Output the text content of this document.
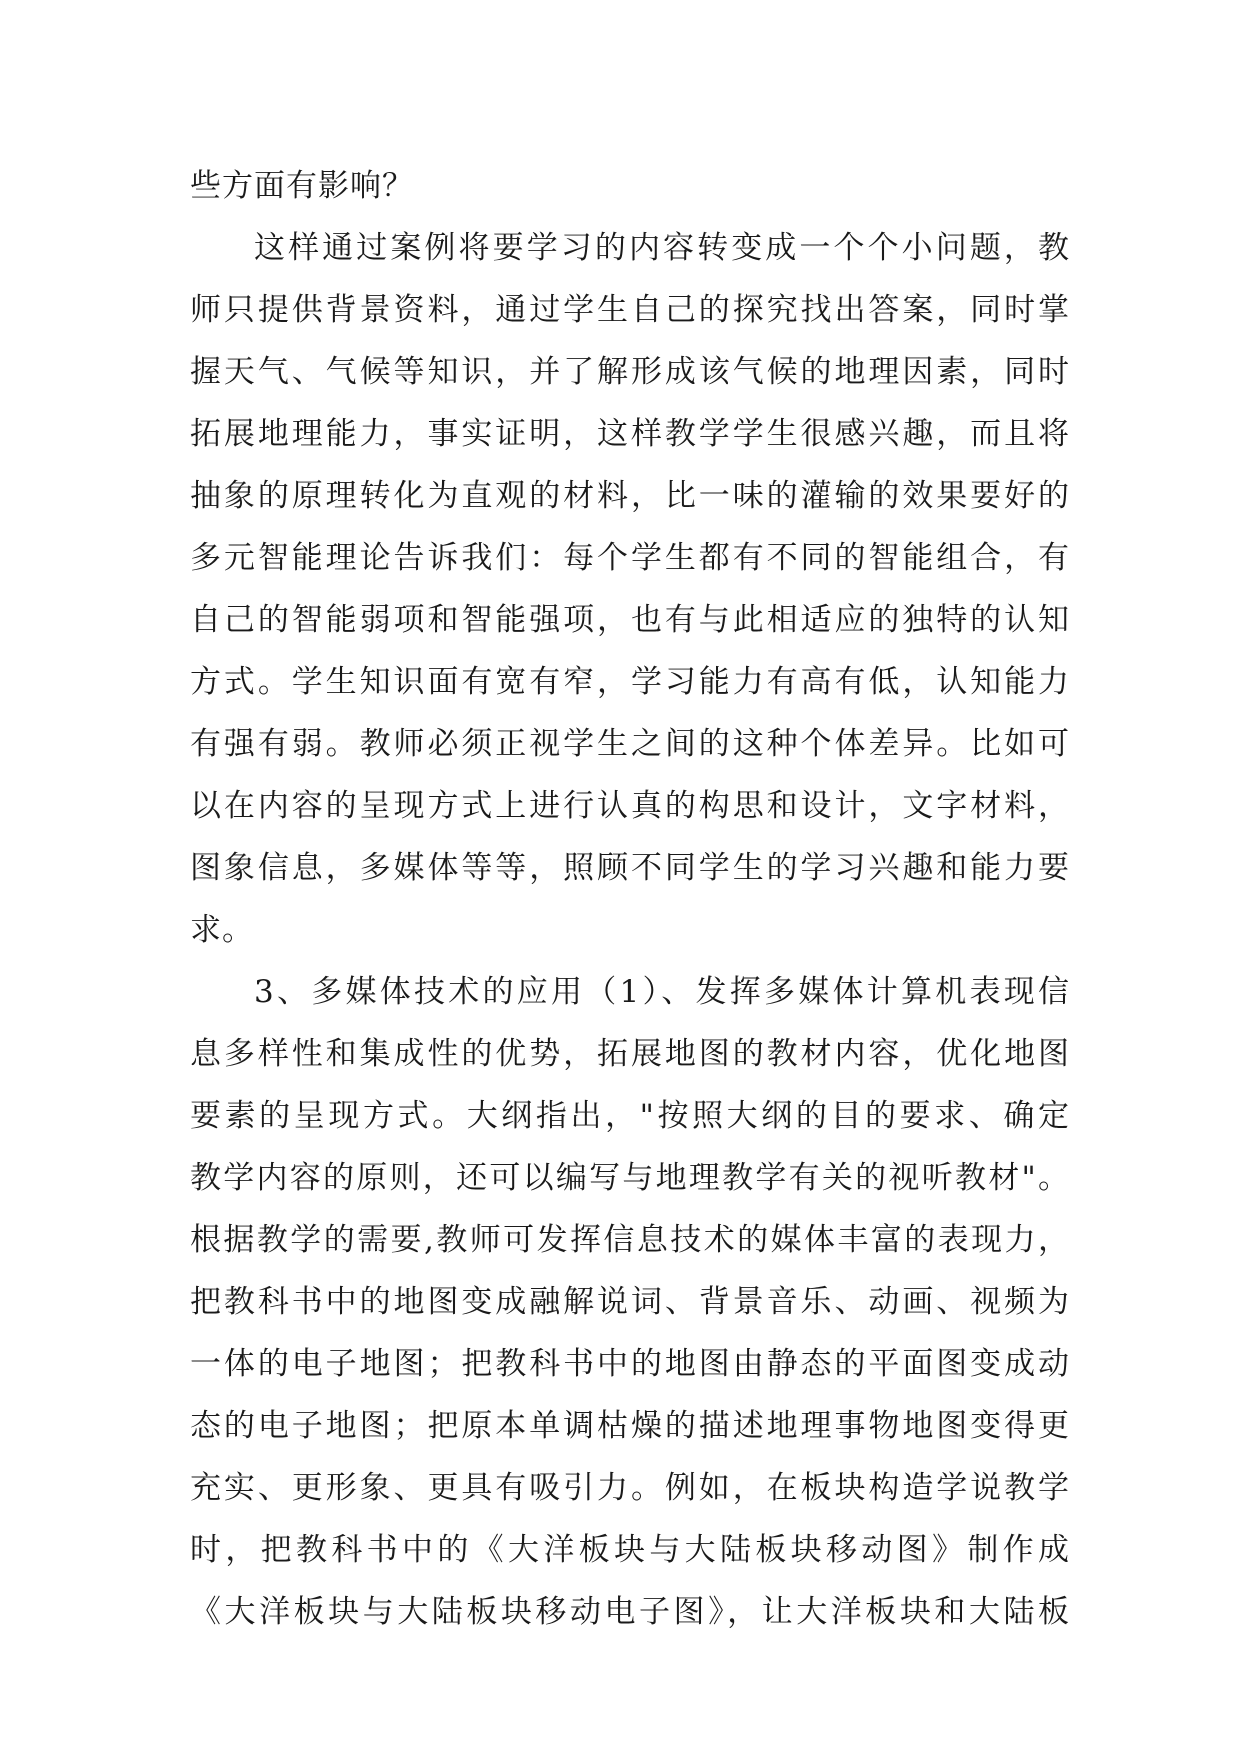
些方面有影响？
这样通过案例将要学习的内容转变成一个个小问题，教
师只提供背景资料，通过学生自己的探究找出答案，同时掌
握天气、气候等知识，并了解形成该气候的地理因素，同时
拓展地理能力，事实证明，这样教学学生很感兴趣，而且将
抽象的原理转化为直观的材料，比一味的灌输的效果要好的
多元智能理论告诉我们：每个学生都有不同的智能组合，有
自己的智能弱项和智能强项，也有与此相适应的独特的认知
方式。学生知识面有宽有窄，学习能力有高有低，认知能力
有强有弱。教师必须正视学生之间的这种个体差异。比如可
以在内容的呈现方式上进行认真的构思和设计，文字材料，
图象信息，多媒体等等，照顾不同学生的学习兴趣和能力要
求。
3、多媒体技术的应用（1）、发挥多媒体计算机表现信
息多样性和集成性的优势，拓展地图的教材内容，优化地图
要素的呈现方式。大纲指出，"按照大纲的目的要求、确定
教学内容的原则，还可以编写与地理教学有关的视听教材"。
根据教学的需要,教师可发挥信息技术的媒体丰富的表现力，
把教科书中的地图变成融解说词、背景音乐、动画、视频为
一体的电子地图；把教科书中的地图由静态的平面图变成动
态的电子地图；把原本单调枯燥的描述地理事物地图变得更
充实、更形象、更具有吸引力。例如，在板块构造学说教学
时，把教科书中的《大洋板块与大陆板块移动图》制作成
《大洋板块与大陆板块移动电子图》，让大洋板块和大陆板
